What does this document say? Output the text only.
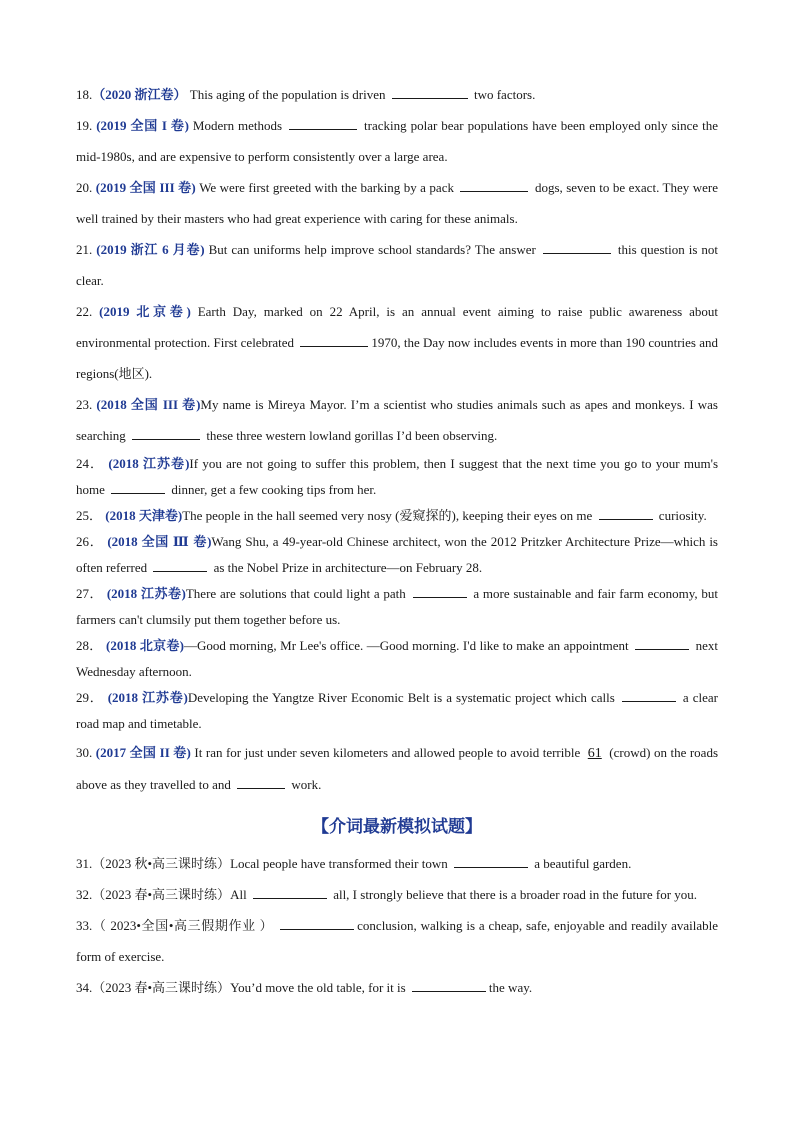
18.（2020 浙江卷） This aging of the population is driven	two factors.
19. (2019 全国 I 卷) Modern methods	tracking polar bear populations have been employed only since the mid-1980s, and are expensive to perform consistently over a large area.
20. (2019 全国 III 卷) We were first greeted with the barking by a pack	dogs, seven to be exact. They were well trained by their masters who had great experience with caring for these animals.
21. (2019 浙江 6 月卷) But can uniforms help improve school standards? The answer	this question is not clear.
22. (2019 北京卷) Earth Day, marked on 22 April, is an annual event aiming to raise public awareness about environmental protection. First celebrated	1970, the Day now includes events in more than 190 countries and regions(地区).
23. (2018 全国 III 卷)My name is Mireya Mayor. I’m a scientist who studies animals such as apes and monkeys. I was searching	these three western lowland gorillas I’d been observing.
24． (2018 江苏卷)If you are not going to suffer this problem, then I suggest that the next time you go to your mum's home	dinner, get a few cooking tips from her.
25． (2018 天津卷)The people in the hall seemed very nosy (爱窥探的), keeping their eyes on me	curiosity.
26． (2018 全国 Ⅲ 卷)Wang Shu, a 49-year-old Chinese architect, won the 2012 Pritzker Architecture Prize—which is often referred	as the Nobel Prize in architecture—on February 28.
27． (2018 江苏卷)There are solutions that could light a path	a more sustainable and fair farm economy, but farmers can't clumsily put them together before us.
28． (2018 北京卷)—Good morning, Mr Lee's office. —Good morning. I'd like to make an appointment	next Wednesday afternoon.
29． (2018 江苏卷)Developing the Yangtze River Economic Belt is a systematic project which calls	a clear road map and timetable.
30. (2017 全国 II 卷) It ran for just under seven kilometers and allowed people to avoid terrible 61 (crowd) on the roads above as they travelled to and	work.
【介词最新模拟试题】
31.（2023 秋•高三课时练）Local people have transformed their town	a beautiful garden.
32.（2023 春•高三课时练）All	all, I strongly believe that there is a broader road in the future for you.
33.（ 2023•全国•高三假期作业 ）	conclusion, walking is a cheap, safe, enjoyable and readily available form of exercise.
34.（2023 春•高三课时练）You’d move the old table, for it is	the way.
